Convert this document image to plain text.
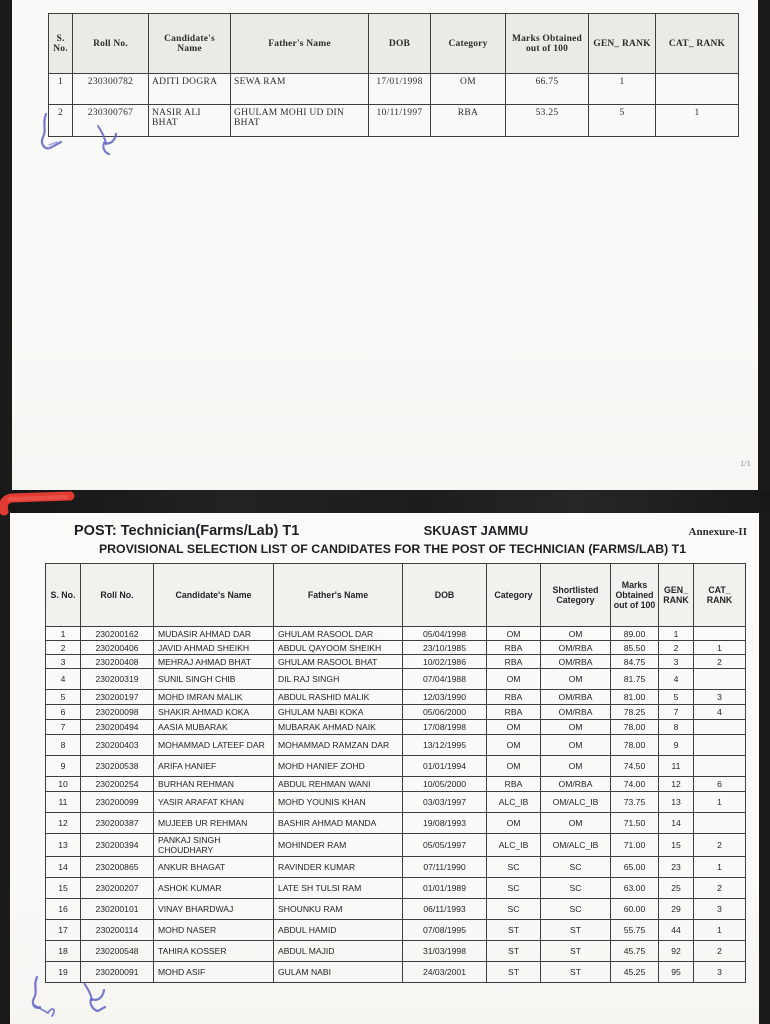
S. No.	Roll No.	Candidate's Name	Father's Name	DOB	Category	Marks Obtained out of 100	GEN_ RANK	CAT_ RANK
1	230300782	ADITI DOGRA	SEWA RAM	17/01/1998	OM	66.75	1	
2	230300767	NASIR ALI BHAT	GHULAM MOHI UD DIN BHAT	10/11/1997	RBA	53.25	5	1
1/1
POST: Technician(Farms/Lab) T1	SKUAST JAMMU	Annexure-II
PROVISIONAL SELECTION LIST OF CANDIDATES FOR THE POST OF TECHNICIAN (FARMS/LAB) T1
S. No.	Roll No.	Candidate's Name	Father's Name	DOB	Category	Shortlisted Category	Marks Obtained out of 100	GEN_ RANK	CAT_ RANK
1	230200162	MUDASIR AHMAD DAR	GHULAM RASOOL DAR	05/04/1998	OM	OM	89.00	1	
2	230200406	JAVID AHMAD SHEIKH	ABDUL QAYOOM SHEIKH	23/10/1985	RBA	OM/RBA	85.50	2	1
3	230200408	MEHRAJ AHMAD BHAT	GHULAM RASOOL BHAT	10/02/1986	RBA	OM/RBA	84.75	3	2
4	230200319	SUNIL SINGH CHIB	DIL RAJ SINGH	07/04/1988	OM	OM	81.75	4	
5	230200197	MOHD IMRAN MALIK	ABDUL RASHID MALIK	12/03/1990	RBA	OM/RBA	81.00	5	3
6	230200098	SHAKIR AHMAD KOKA	GHULAM NABI KOKA	05/06/2000	RBA	OM/RBA	78.25	7	4
7	230200494	AASIA MUBARAK	MUBARAK AHMAD NAIK	17/08/1998	OM	OM	78.00	8	
8	230200403	MOHAMMAD LATEEF DAR	MOHAMMAD RAMZAN DAR	13/12/1995	OM	OM	78.00	9	
9	230200538	ARIFA HANIEF	MOHD HANIEF ZOHD	01/01/1994	OM	OM	74.50	11	
10	230200254	BURHAN REHMAN	ABDUL REHMAN WANI	10/05/2000	RBA	OM/RBA	74.00	12	6
11	230200099	YASIR ARAFAT KHAN	MOHD YOUNIS KHAN	03/03/1997	ALC_IB	OM/ALC_IB	73.75	13	1
12	230200387	MUJEEB UR REHMAN	BASHIR AHMAD MANDA	19/08/1993	OM	OM	71.50	14	
13	230200394	PANKAJ SINGH CHOUDHARY	MOHINDER RAM	05/05/1997	ALC_IB	OM/ALC_IB	71.00	15	2
14	230200865	ANKUR BHAGAT	RAVINDER KUMAR	07/11/1990	SC	SC	65.00	23	1
15	230200207	ASHOK KUMAR	LATE SH TULSI RAM	01/01/1989	SC	SC	63.00	25	2
16	230200101	VINAY BHARDWAJ	SHOUNKU RAM	06/11/1993	SC	SC	60.00	29	3
17	230200114	MOHD NASER	ABDUL HAMID	07/08/1995	ST	ST	55.75	44	1
18	230200548	TAHIRA KOSSER	ABDUL MAJID	31/03/1998	ST	ST	45.75	92	2
19	230200091	MOHD ASIF	GULAM NABI	24/03/2001	ST	ST	45.25	95	3
